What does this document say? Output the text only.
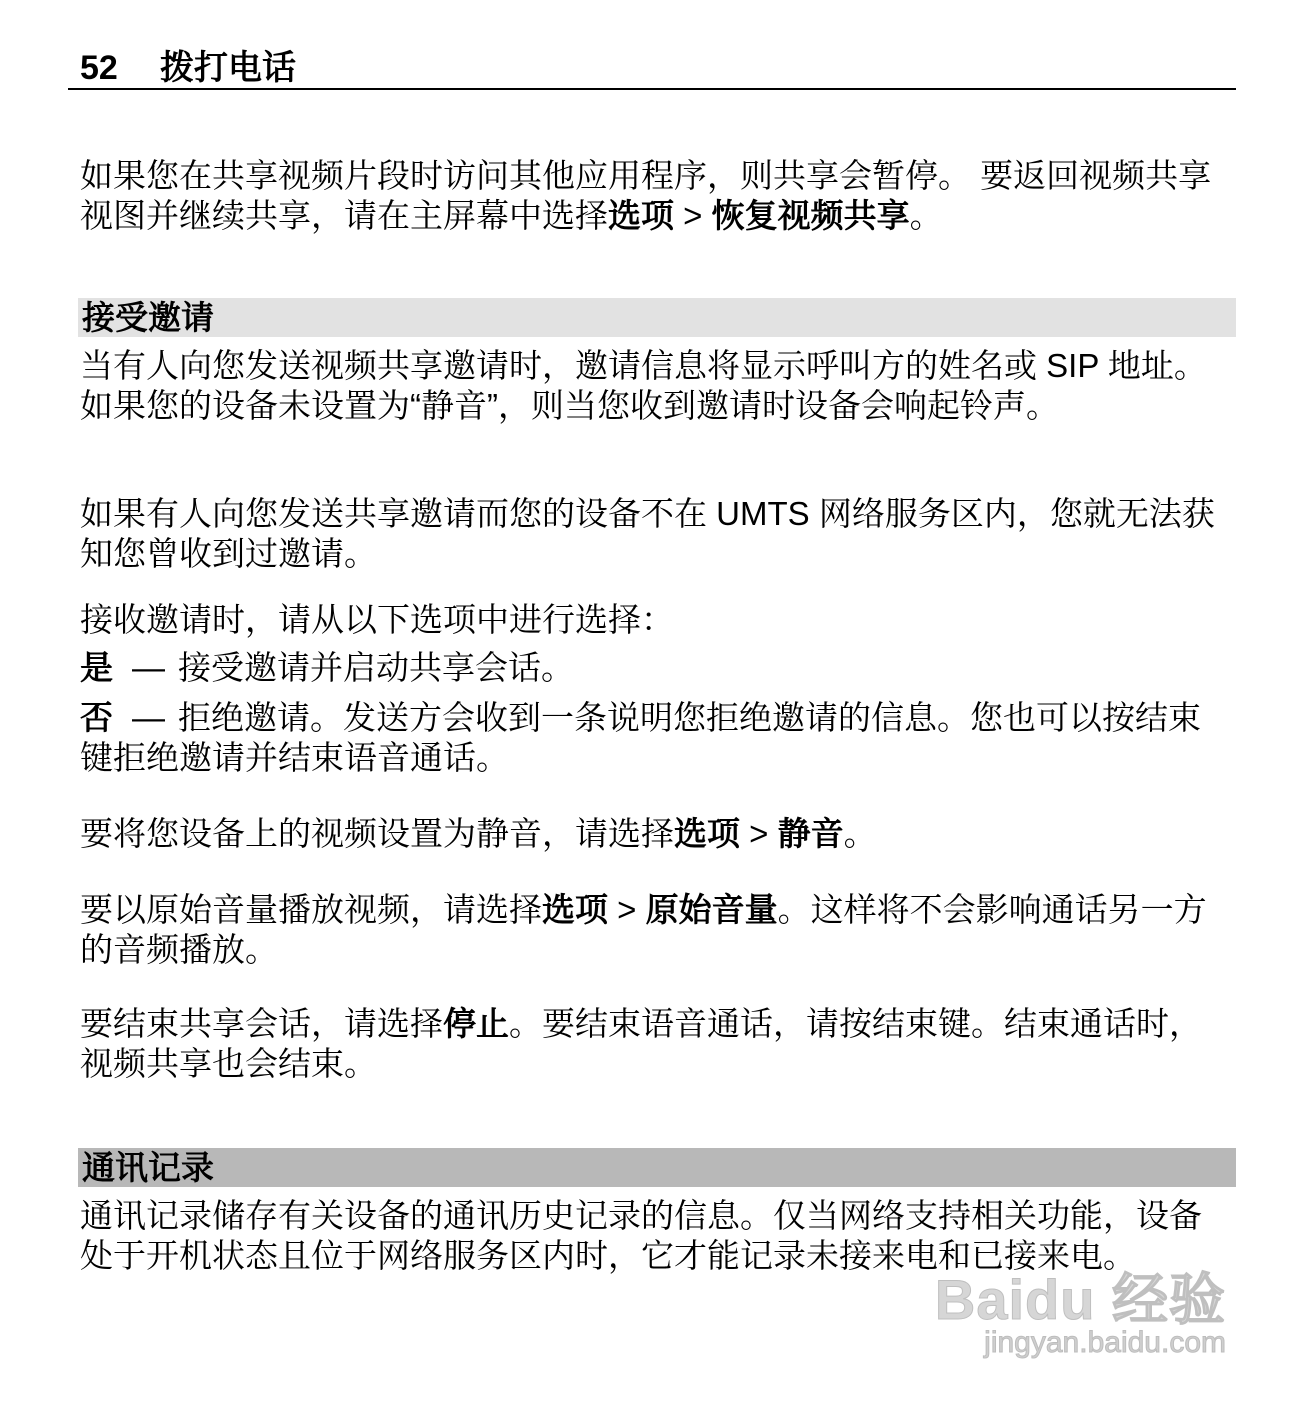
52 拨打电话

如果您在共享视频片段时访问其他应用程序，则共享会暂停。 要返回视频共享视图并继续共享，请在主屏幕中选择选项 > 恢复视频共享。

接受邀请

当有人向您发送视频共享邀请时，邀请信息将显示呼叫方的姓名或 SIP 地址。如果您的设备未设置为“静音”，则当您收到邀请时设备会响起铃声。

如果有人向您发送共享邀请而您的设备不在 UMTS 网络服务区内，您就无法获知您曾收到过邀请。

接收邀请时，请从以下选项中进行选择：

是 — 接受邀请并启动共享会话。
否 — 拒绝邀请。发送方会收到一条说明您拒绝邀请的信息。您也可以按结束键拒绝邀请并结束语音通话。

要将您设备上的视频设置为静音，请选择选项 > 静音。

要以原始音量播放视频，请选择选项 > 原始音量。这样将不会影响通话另一方的音频播放。

要结束共享会话，请选择停止。要结束语音通话，请按结束键。结束通话时，视频共享也会结束。

通讯记录

通讯记录储存有关设备的通讯历史记录的信息。仅当网络支持相关功能，设备处于开机状态且位于网络服务区内时，它才能记录未接来电和已接来电。

Baidu 经验
jingyan.baidu.com
